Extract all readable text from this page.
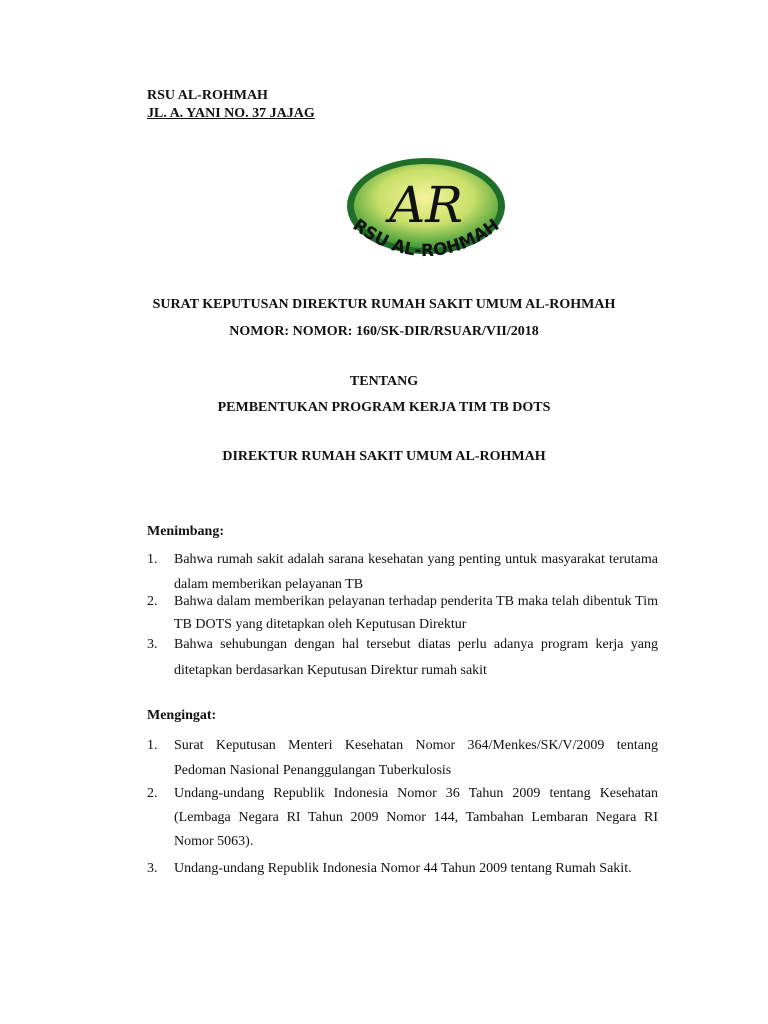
RSU AL-ROHMAH
JL. A. YANI NO. 37 JAJAG
AR
RSU AL-ROHMAH
SURAT KEPUTUSAN DIREKTUR RUMAH SAKIT UMUM AL-ROHMAH
NOMOR: NOMOR: 160/SK-DIR/RSUAR/VII/2018
TENTANG
PEMBENTUKAN PROGRAM KERJA TIM TB DOTS
DIREKTUR RUMAH SAKIT UMUM AL-ROHMAH
Menimbang:
1. Bahwa rumah sakit adalah sarana kesehatan yang penting untuk masyarakat terutama dalam memberikan pelayanan TB
2. Bahwa dalam memberikan pelayanan terhadap penderita TB maka telah dibentuk Tim TB DOTS yang ditetapkan oleh Keputusan Direktur
3. Bahwa sehubungan dengan hal tersebut diatas perlu adanya program kerja yang ditetapkan berdasarkan Keputusan Direktur rumah sakit
Mengingat:
1. Surat Keputusan Menteri Kesehatan Nomor 364/Menkes/SK/V/2009 tentang Pedoman Nasional Penanggulangan Tuberkulosis
2. Undang-undang Republik Indonesia Nomor 36 Tahun 2009 tentang Kesehatan (Lembaga Negara RI Tahun 2009 Nomor 144, Tambahan Lembaran Negara RI Nomor 5063).
3. Undang-undang Republik Indonesia Nomor 44 Tahun 2009 tentang Rumah Sakit.
